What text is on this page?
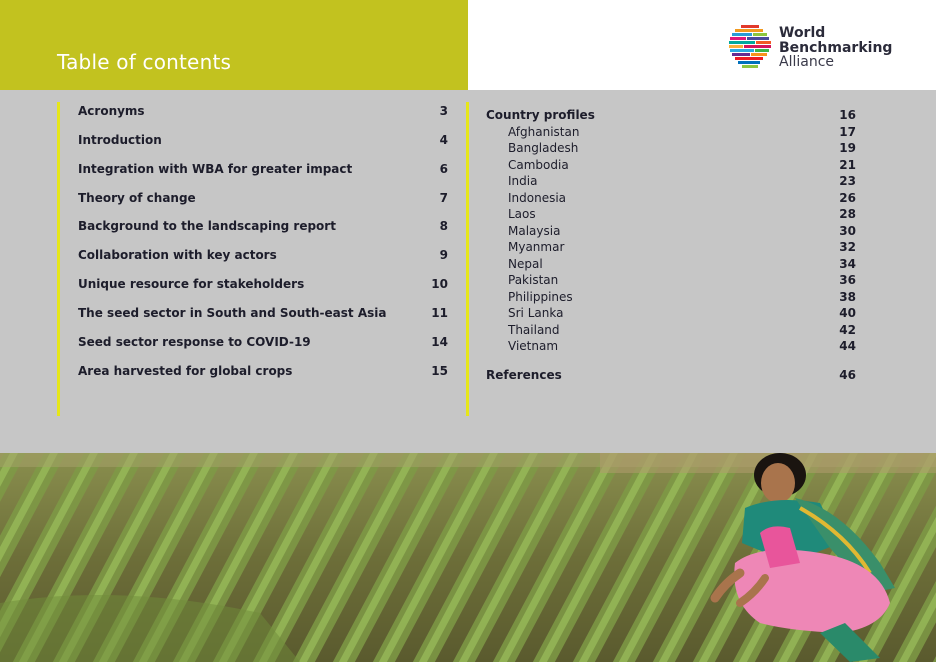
Table of contents
World
Benchmarking
Alliance
Acronyms	3
Introduction	4
Integration with WBA for greater impact	6
Theory of change	7
Background to the landscaping report	8
Collaboration with key actors	9
Unique resource for stakeholders	10
The seed sector in South and South-east Asia	11
Seed sector response to COVID-19	14
Area harvested for global crops	15
Country profiles	16
Afghanistan	17
Bangladesh	19
Cambodia	21
India	23
Indonesia	26
Laos	28
Malaysia	30
Myanmar	32
Nepal	34
Pakistan	36
Philippines	38
Sri Lanka	40
Thailand	42
Vietnam	44
References	46
